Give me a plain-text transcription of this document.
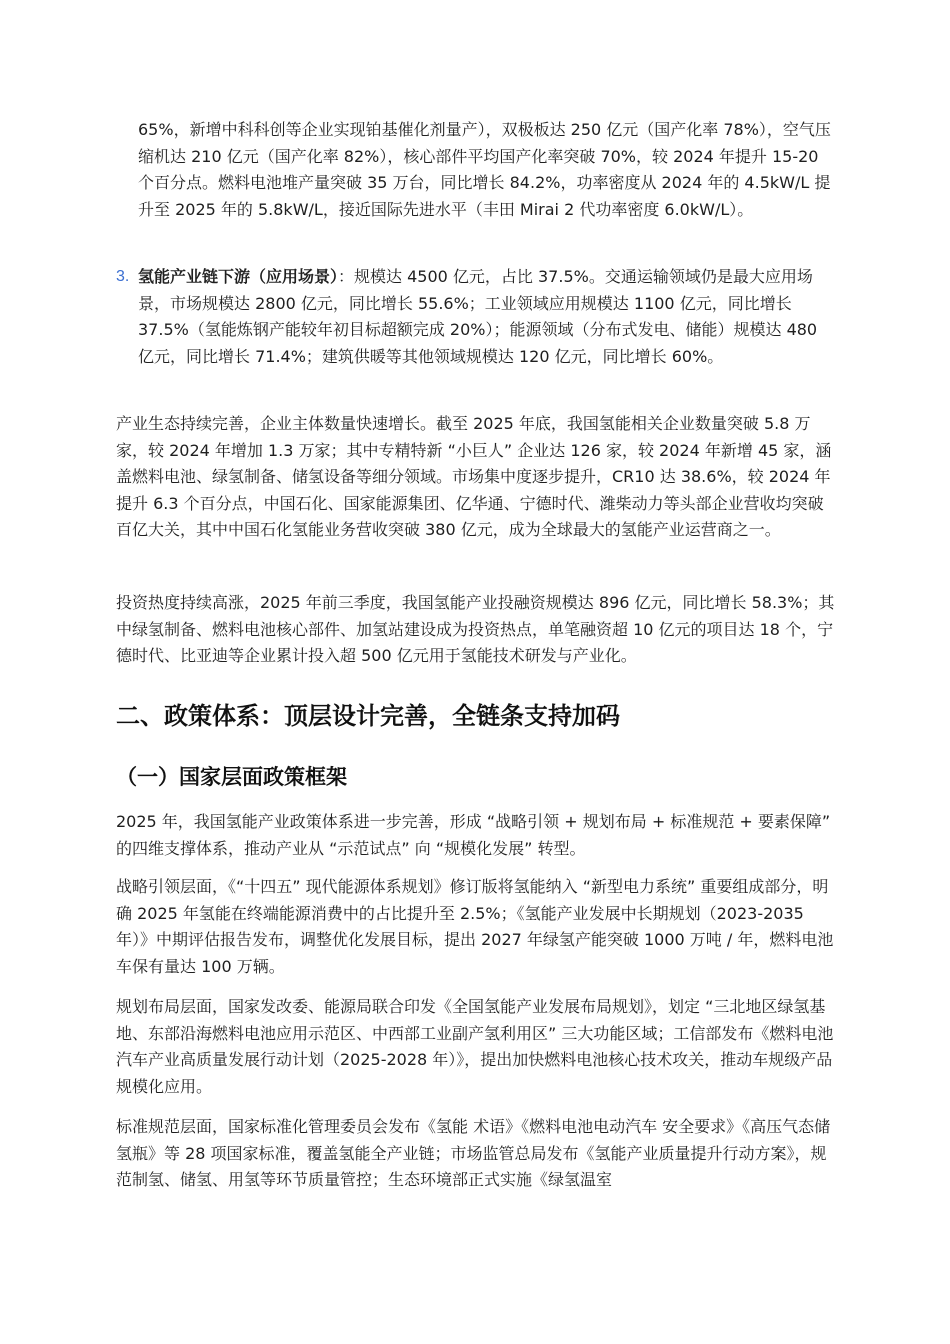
65%，新增中科科创等企业实现铂基催化剂量产），双极板达 250 亿元（国产化率 78%），空气压缩机达 210 亿元（国产化率 82%），核心部件平均国产化率突破 70%，较 2024 年提升 15-20 个百分点。燃料电池堆产量突破 35 万台，同比增长 84.2%，功率密度从 2024 年的 4.5kW/L 提升至 2025 年的 5.8kW/L，接近国际先进水平（丰田 Mirai 2 代功率密度 6.0kW/L）。

3. 氢能产业链下游（应用场景）：规模达 4500 亿元，占比 37.5%。交通运输领域仍是最大应用场景，市场规模达 2800 亿元，同比增长 55.6%；工业领域应用规模达 1100 亿元，同比增长 37.5%（氢能炼钢产能较年初目标超额完成 20%）；能源领域（分布式发电、储能）规模达 480 亿元，同比增长 71.4%；建筑供暖等其他领域规模达 120 亿元，同比增长 60%。

产业生态持续完善，企业主体数量快速增长。截至 2025 年底，我国氢能相关企业数量突破 5.8 万家，较 2024 年增加 1.3 万家；其中专精特新 “小巨人” 企业达 126 家，较 2024 年新增 45 家，涵盖燃料电池、绿氢制备、储氢设备等细分领域。市场集中度逐步提升，CR10 达 38.6%，较 2024 年提升 6.3 个百分点，中国石化、国家能源集团、亿华通、宁德时代、潍柴动力等头部企业营收均突破百亿大关，其中中国石化氢能业务营收突破 380 亿元，成为全球最大的氢能产业运营商之一。

投资热度持续高涨，2025 年前三季度，我国氢能产业投融资规模达 896 亿元，同比增长 58.3%；其中绿氢制备、燃料电池核心部件、加氢站建设成为投资热点，单笔融资超 10 亿元的项目达 18 个，宁德时代、比亚迪等企业累计投入超 500 亿元用于氢能技术研发与产业化。

二、政策体系：顶层设计完善，全链条支持加码
（一）国家层面政策框架

2025 年，我国氢能产业政策体系进一步完善，形成 “战略引领 + 规划布局 + 标准规范 + 要素保障” 的四维支撑体系，推动产业从 “示范试点” 向 “规模化发展” 转型。

战略引领层面，《“十四五” 现代能源体系规划》修订版将氢能纳入 “新型电力系统” 重要组成部分，明确 2025 年氢能在终端能源消费中的占比提升至 2.5%；《氢能产业发展中长期规划（2023-2035 年）》中期评估报告发布，调整优化发展目标，提出 2027 年绿氢产能突破 1000 万吨 / 年，燃料电池车保有量达 100 万辆。

规划布局层面，国家发改委、能源局联合印发《全国氢能产业发展布局规划》，划定 “三北地区绿氢基地、东部沿海燃料电池应用示范区、中西部工业副产氢利用区” 三大功能区域；工信部发布《燃料电池汽车产业高质量发展行动计划（2025-2028 年）》，提出加快燃料电池核心技术攻关，推动车规级产品规模化应用。

标准规范层面，国家标准化管理委员会发布《氢能 术语》《燃料电池电动汽车 安全要求》《高压气态储氢瓶》等 28 项国家标准，覆盖氢能全产业链；市场监管总局发布《氢能产业质量提升行动方案》，规范制氢、储氢、用氢等环节质量管控；生态环境部正式实施《绿氢温室
